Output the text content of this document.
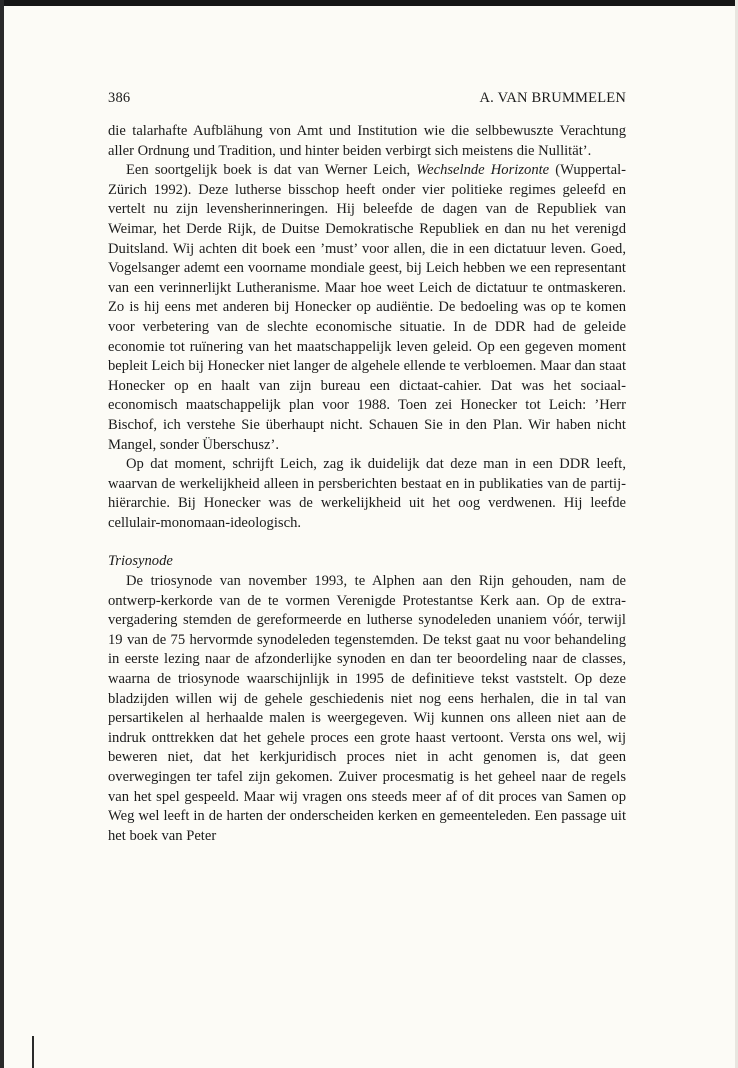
386	A. VAN BRUMMELEN

die talarhafte Aufblähung von Amt und Institution wie die selbbewuszte Verachtung aller Ordnung und Tradition, und hinter beiden verbirgt sich meistens die Nullität’.

Een soortgelijk boek is dat van Werner Leich, Wechselnde Horizonte (Wuppertal-Zürich 1992). Deze lutherse bisschop heeft onder vier politieke regimes geleefd en vertelt nu zijn levensherinneringen. Hij beleefde de dagen van de Republiek van Weimar, het Derde Rijk, de Duitse Demokratische Republiek en dan nu het verenigd Duitsland. Wij achten dit boek een ’must’ voor allen, die in een dictatuur leven. Goed, Vogelsanger ademt een voorname mondiale geest, bij Leich hebben we een representant van een verinnerlijkt Lutheranisme. Maar hoe weet Leich de dictatuur te ontmaskeren. Zo is hij eens met anderen bij Honecker op audiëntie. De bedoeling was op te komen voor verbetering van de slechte economische situatie. In de DDR had de geleide economie tot ruïnering van het maatschappelijk leven geleid. Op een gegeven moment bepleit Leich bij Honecker niet langer de algehele ellende te verbloemen. Maar dan staat Honecker op en haalt van zijn bureau een dictaat-cahier. Dat was het sociaal-economisch maatschappelijk plan voor 1988. Toen zei Honecker tot Leich: ’Herr Bischof, ich verstehe Sie überhaupt nicht. Schauen Sie in den Plan. Wir haben nicht Mangel, sonder Überschusz’.

Op dat moment, schrijft Leich, zag ik duidelijk dat deze man in een DDR leeft, waarvan de werkelijkheid alleen in persberichten bestaat en in publikaties van de partij-hiërarchie. Bij Honecker was de werkelijkheid uit het oog verdwenen. Hij leefde cellulair-monomaan-ideologisch.

Triosynode

De triosynode van november 1993, te Alphen aan den Rijn gehouden, nam de ontwerp-kerkorde van de te vormen Verenigde Protestantse Kerk aan. Op de extra-vergadering stemden de gereformeerde en lutherse synodeleden unaniem vóór, terwijl 19 van de 75 hervormde synodeleden tegenstemden. De tekst gaat nu voor behandeling in eerste lezing naar de afzonderlijke synoden en dan ter beoordeling naar de classes, waarna de triosynode waarschijnlijk in 1995 de definitieve tekst vaststelt. Op deze bladzijden willen wij de gehele geschiedenis niet nog eens herhalen, die in tal van persartikelen al herhaalde malen is weergegeven. Wij kunnen ons alleen niet aan de indruk onttrekken dat het gehele proces een grote haast vertoont. Versta ons wel, wij beweren niet, dat het kerkjuridisch proces niet in acht genomen is, dat geen overwegingen ter tafel zijn gekomen. Zuiver procesmatig is het geheel naar de regels van het spel gespeeld. Maar wij vragen ons steeds meer af of dit proces van Samen op Weg wel leeft in de harten der onderscheiden kerken en gemeenteleden. Een passage uit het boek van Peter
